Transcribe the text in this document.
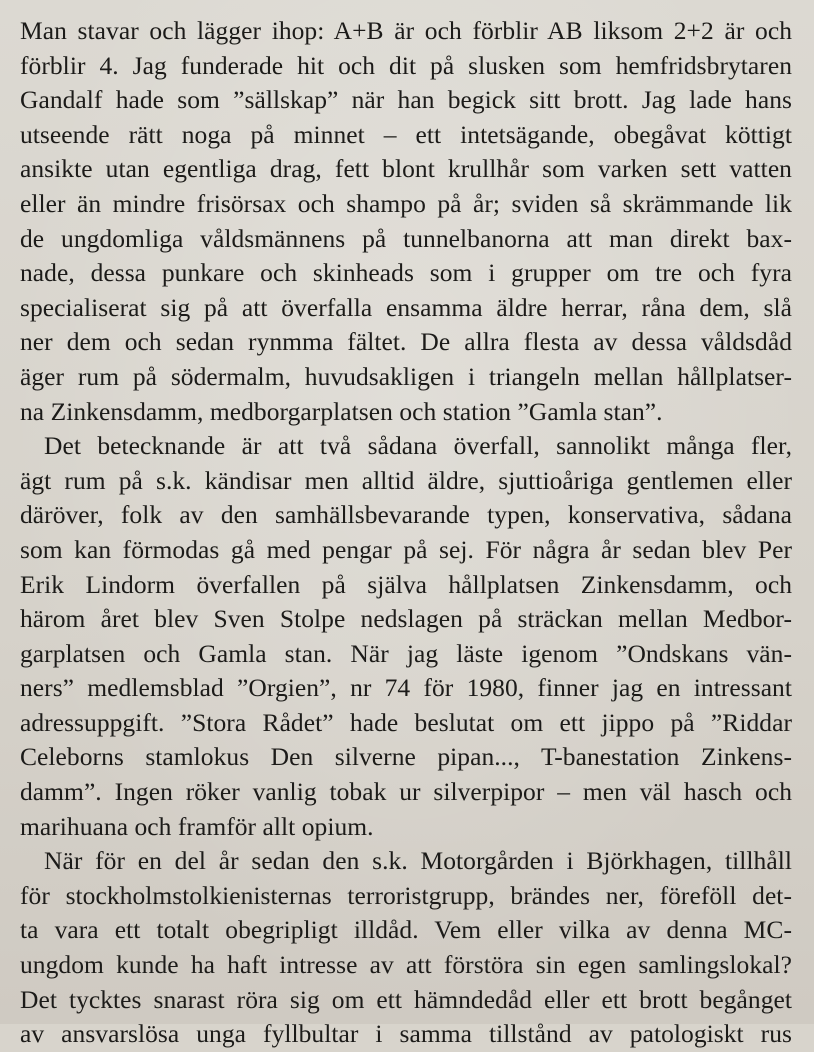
Man stavar och lägger ihop: A+B är och förblir AB liksom 2+2 är och
förblir 4. Jag funderade hit och dit på slusken som hemfridsbrytaren
Gandalf hade som ”sällskap” när han begick sitt brott. Jag lade hans
utseende rätt noga på minnet – ett intetsägande, obegåvat köttigt
ansikte utan egentliga drag, fett blont krullhår som varken sett vatten
eller än mindre frisörsax och shampo på år; sviden så skrämmande lik
de ungdomliga våldsmännens på tunnelbanorna att man direkt bax-
nade, dessa punkare och skinheads som i grupper om tre och fyra
specialiserat sig på att överfalla ensamma äldre herrar, råna dem, slå
ner dem och sedan rynmma fältet. De allra flesta av dessa våldsdåd
äger rum på södermalm, huvudsakligen i triangeln mellan hållplatser-
na Zinkensdamm, medborgarplatsen och station ”Gamla stan”.
Det betecknande är att två sådana överfall, sannolikt många fler,
ägt rum på s.k. kändisar men alltid äldre, sjuttioåriga gentlemen eller
däröver, folk av den samhällsbevarande typen, konservativa, sådana
som kan förmodas gå med pengar på sej. För några år sedan blev Per
Erik Lindorm överfallen på själva hållplatsen Zinkensdamm, och
härom året blev Sven Stolpe nedslagen på sträckan mellan Medbor-
garplatsen och Gamla stan. När jag läste igenom ”Ondskans vän-
ners” medlemsblad ”Orgien”, nr 74 för 1980, finner jag en intressant
adressuppgift. ”Stora Rådet” hade beslutat om ett jippo på ”Riddar
Celeborns stamlokus Den silverne pipan..., T-banestation Zinkens-
damm”. Ingen röker vanlig tobak ur silverpipor – men väl hasch och
marihuana och framför allt opium.
När för en del år sedan den s.k. Motorgården i Björkhagen, tillhåll
för stockholmstolkienisternas terroristgrupp, brändes ner, föreföll det-
ta vara ett totalt obegripligt illdåd. Vem eller vilka av denna MC-
ungdom kunde ha haft intresse av att förstöra sin egen samlingslokal?
Det tycktes snarast röra sig om ett hämndedåd eller ett brott begånget
av ansvarslösa unga fyllbultar i samma tillstånd av patologiskt rus
